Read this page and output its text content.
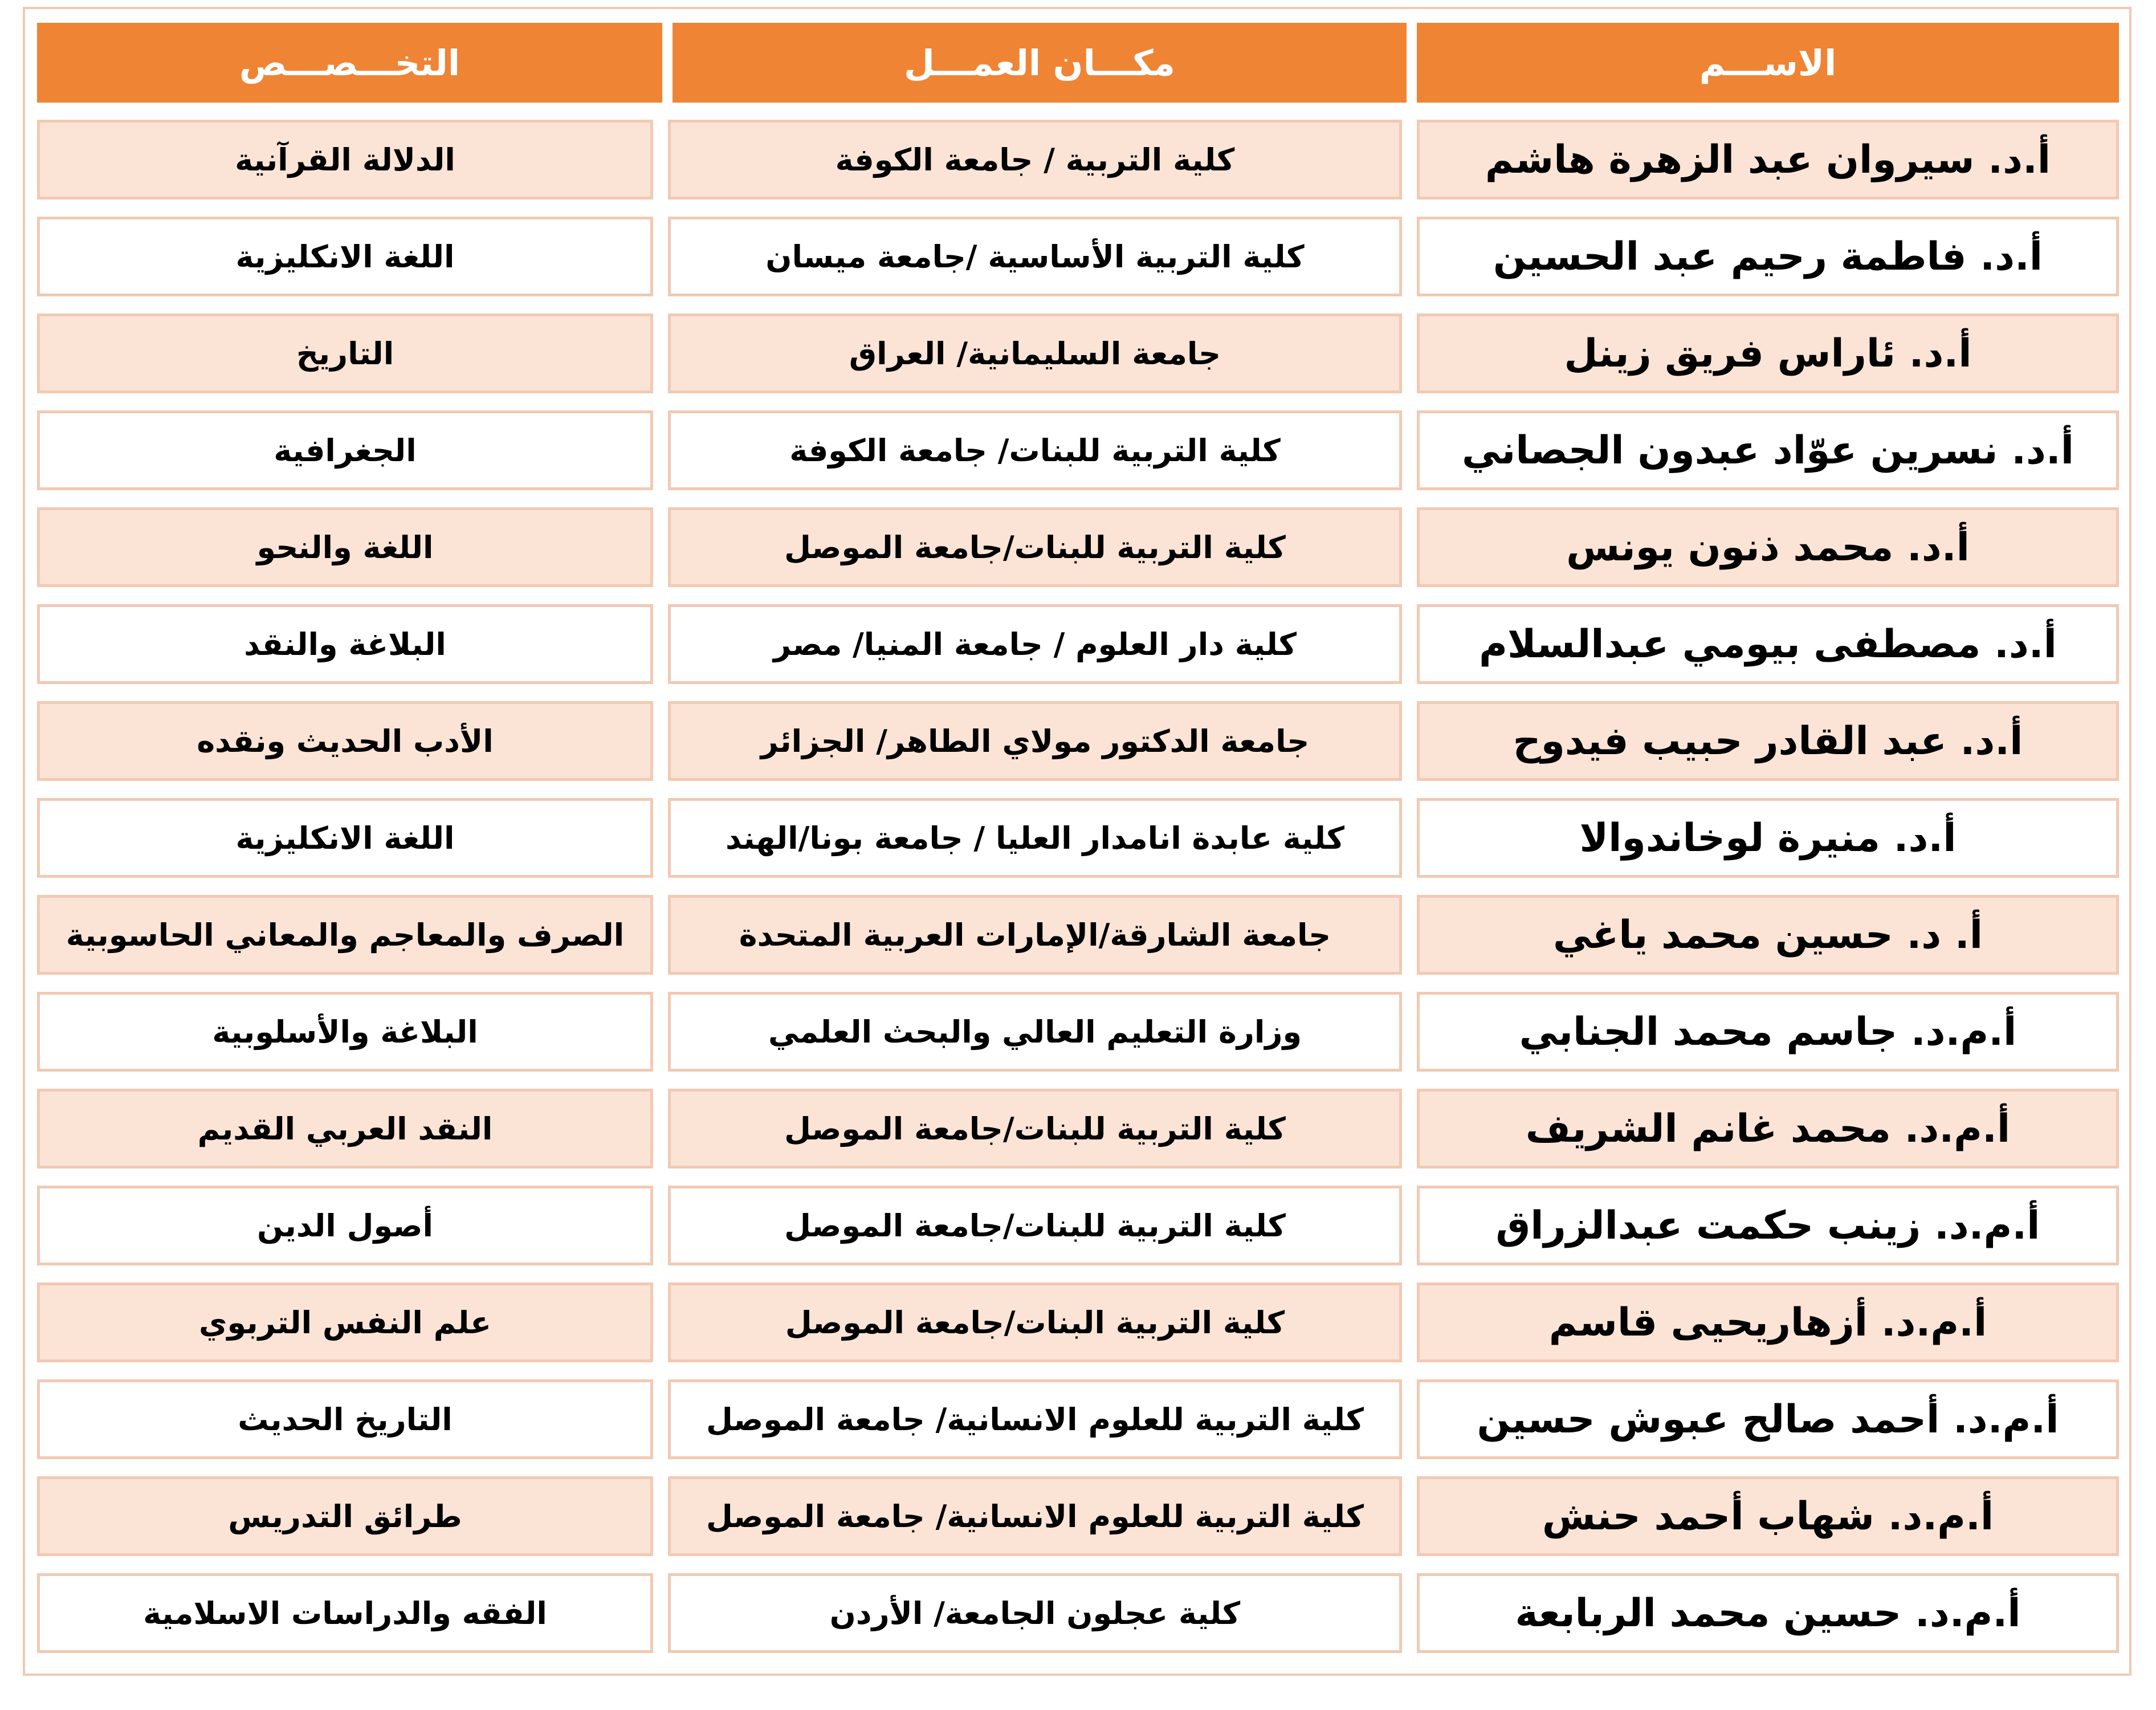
الاســـم
مكـــان العمـــل
التخـــصـــص
أ.د. سيروان عبد الزهرة هاشم
كلية التربية / جامعة الكوفة
الدلالة القرآنية
أ.د. فاطمة رحيم عبد الحسين
كلية التربية الأساسية /جامعة ميسان
اللغة الانكليزية
أ.د. ئاراس فريق زينل
جامعة السليمانية/ العراق
التاريخ
أ.د. نسرين عوّاد عبدون الجصاني
كلية التربية للبنات/ جامعة الكوفة
الجغرافية
أ.د. محمد ذنون يونس
كلية التربية للبنات/جامعة الموصل
اللغة والنحو
أ.د. مصطفى بيومي عبدالسلام
كلية دار العلوم / جامعة المنيا/ مصر
البلاغة والنقد
أ.د. عبد القادر حبيب فيدوح
جامعة الدكتور مولاي الطاهر/ الجزائر
الأدب الحديث ونقده
أ.د. منيرة لوخاندوالا
كلية عابدة انامدار العليا / جامعة بونا/الهند
اللغة الانكليزية
أ. د. حسين محمد ياغي
جامعة الشارقة/الإمارات العربية المتحدة
الصرف والمعاجم والمعاني الحاسوبية
أ.م.د. جاسم محمد الجنابي
وزارة التعليم العالي والبحث العلمي
البلاغة والأسلوبية
أ.م.د. محمد غانم الشريف
كلية التربية للبنات/جامعة الموصل
النقد العربي القديم
أ.م.د. زينب حكمت عبدالزراق
كلية التربية للبنات/جامعة الموصل
أصول الدين
أ.م.د. أزهاريحيى قاسم
كلية التربية البنات/جامعة الموصل
علم النفس التربوي
أ.م.د. أحمد صالح عبوش حسين
كلية التربية للعلوم الانسانية/ جامعة الموصل
التاريخ الحديث
أ.م.د. شهاب أحمد حنش
كلية التربية للعلوم الانسانية/ جامعة الموصل
طرائق التدريس
أ.م.د. حسين محمد الربابعة
كلية عجلون الجامعة/ الأردن
الفقه والدراسات الاسلامية
